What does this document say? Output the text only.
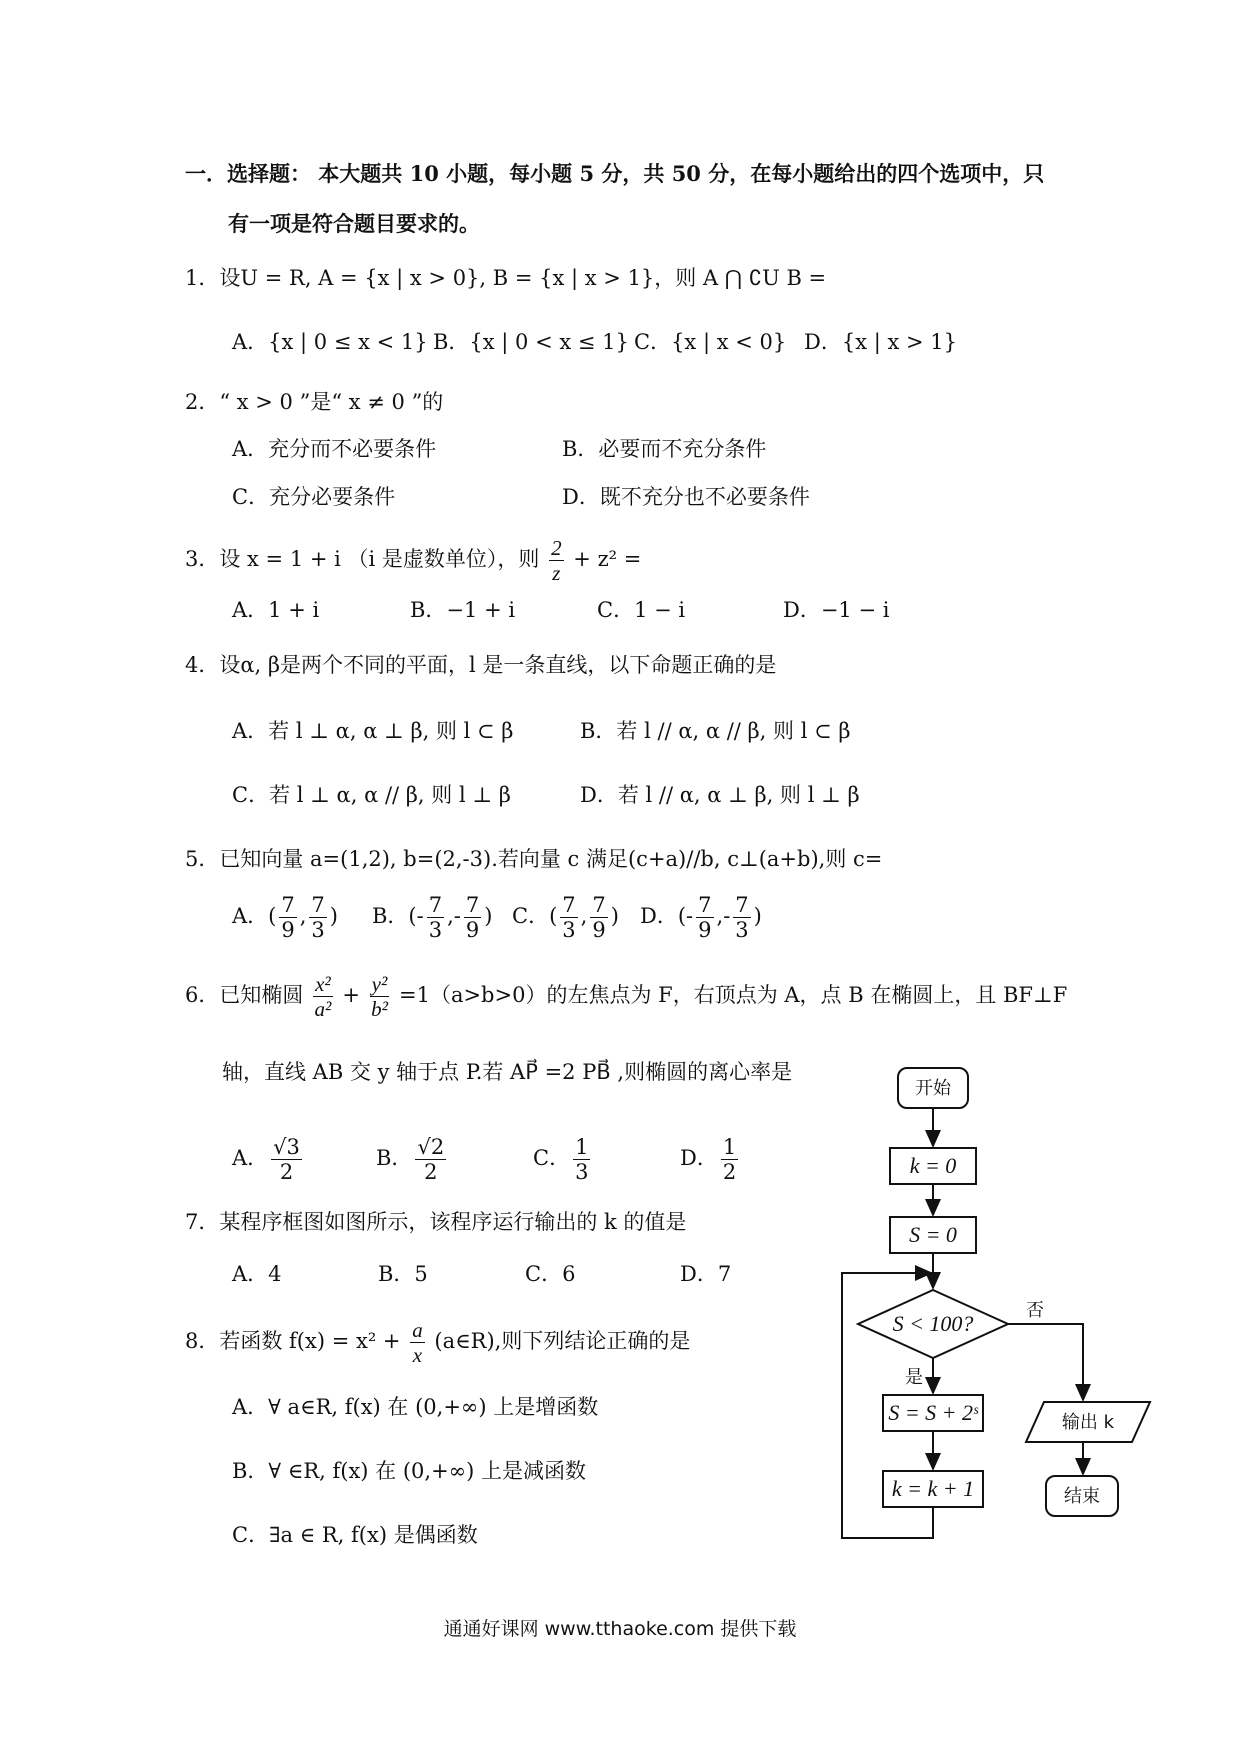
一．选择题： 本大题共 10 小题，每小题 5 分，共 50 分，在每小题给出的四个选项中，只
有一项是符合题目要求的。
1．设U = R, A = {x | x > 0}, B = {x | x > 1}，则 A ⋂ ∁U B =
A．{x | 0 ≤ x < 1} B．{x | 0 < x ≤ 1} C．{x | x < 0} D．{x | x > 1}
2．“ x > 0 ”是“ x ≠ 0 ”的
A．充分而不必要条件	B．必要而不充分条件
C．充分必要条件	D．既不充分也不必要条件
3．设 x = 1 + i （i 是虚数单位），则 $\frac{2}{z} + z^2$ =
A．1 + i	B．−1 + i	C．1 − i	D．−1 − i
4．设α, β是两个不同的平面，l 是一条直线，以下命题正确的是
A．若 l ⊥ α, α ⊥ β, 则 l ⊂ β	B．若 l // α, α // β, 则 l ⊂ β
C．若 l ⊥ α, α // β, 则 l ⊥ β	D．若 l // α, α ⊥ β, 则 l ⊥ β
5．已知向量 a=(1,2), b=(2,-3).若向量 c 满足(c+a)//b, c⊥(a+b),则 c=
A．( $\frac{7}{9}$ , $\frac{7}{3}$ ) B．(- $\frac{7}{3}$ ,- $\frac{7}{9}$ ) C．( $\frac{7}{3}$ , $\frac{7}{9}$ ) D．(- $\frac{7}{9}$ ,- $\frac{7}{3}$ )
6．已知椭圆 $\frac{\text{x²}}{\text{a²}} + \frac{\text{y²}}{\text{b²}} =1(a>b>0)$的左焦点为 F，右顶点为 A，点 B 在椭圆上，且 BF⊥F
轴，直线 AB 交 y 轴于点 P.若 AP⃗ =2 PB⃗ ,则椭圆的离心率是
A． $\frac{√3}{2}$	B． $\frac{√2}{2}$	C． $\frac{1}{3}$	D． $\frac{1}{2}$
7．某程序框图如图所示，该程序运行输出的 k 的值是
A．4	B．5	C．6	D．7
8．若函数 $f(x) = x^2 + \frac{a}{x}$ (a∈R),则下列结论正确的是
A．∀ a∈R, f(x) 在 (0,+∞) 上是增函数
B．∀ ∈R, f(x) 在 (0,+∞) 上是减函数
C．∃a ∈ R, f(x) 是偶函数
开始
k = 0
S = 0
S < 100?
否
是
S = S + 2ˢ
k = k + 1
输出 k
结束
通通好课网 www.tthaoke.com 提供下载
